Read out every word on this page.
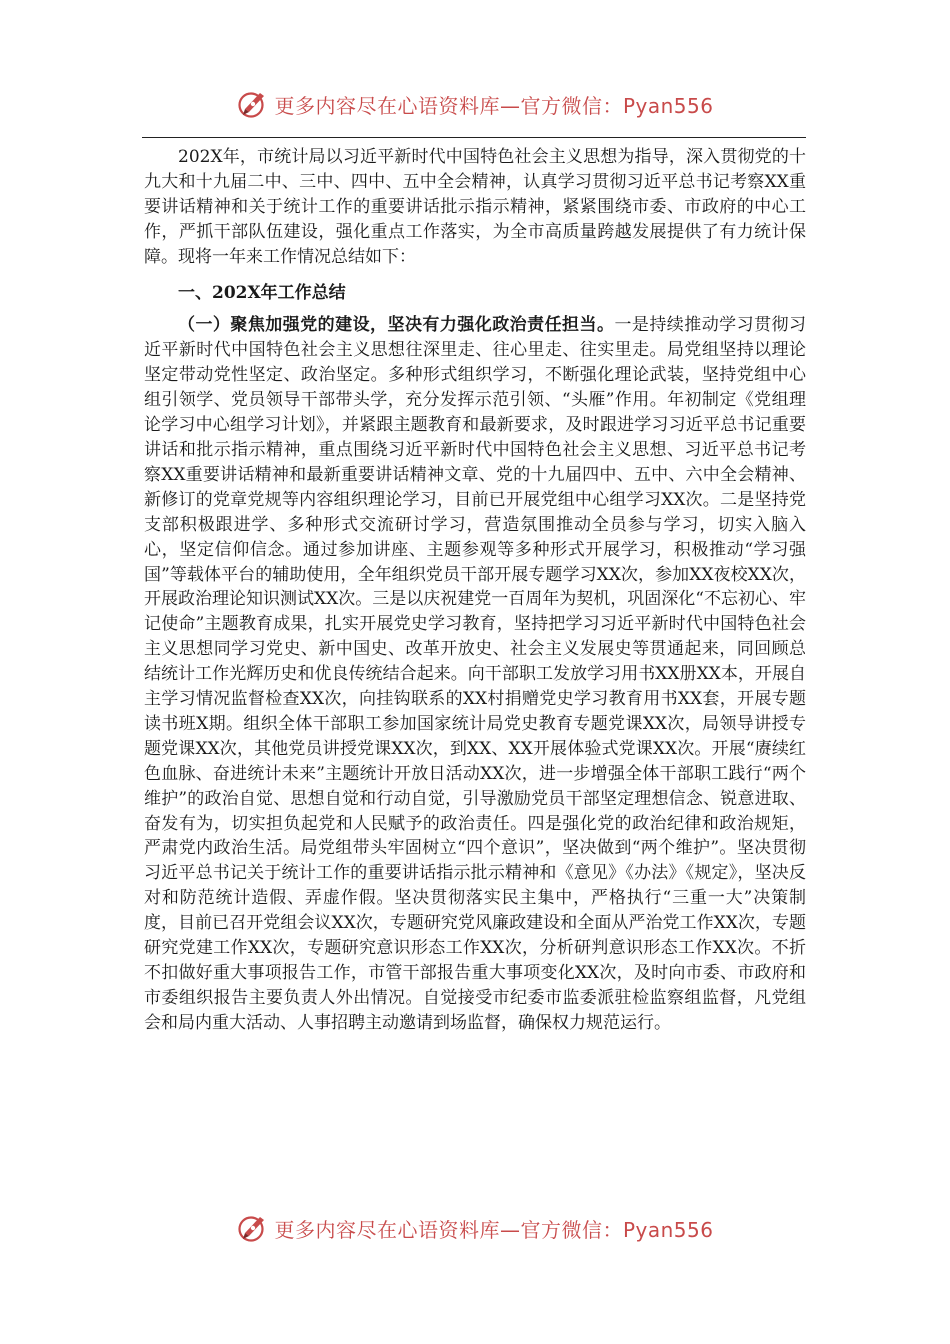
更多内容尽在心语资料库—官方微信：Pyan556

202X年，市统计局以习近平新时代中国特色社会主义思想为指导，深入贯彻党的十九大和十九届二中、三中、四中、五中全会精神，认真学习贯彻习近平总书记考察XX重要讲话精神和关于统计工作的重要讲话批示指示精神，紧紧围绕市委、市政府的中心工作，严抓干部队伍建设，强化重点工作落实，为全市高质量跨越发展提供了有力统计保障。现将一年来工作情况总结如下：

一、202X年工作总结

（一）聚焦加强党的建设，坚决有力强化政治责任担当。一是持续推动学习贯彻习近平新时代中国特色社会主义思想往深里走、往心里走、往实里走。局党组坚持以理论坚定带动党性坚定、政治坚定。多种形式组织学习，不断强化理论武装，坚持党组中心组引领学、党员领导干部带头学，充分发挥示范引领、“头雁”作用。年初制定《党组理论学习中心组学习计划》，并紧跟主题教育和最新要求，及时跟进学习习近平总书记重要讲话和批示指示精神，重点围绕习近平新时代中国特色社会主义思想、习近平总书记考察XX重要讲话精神和最新重要讲话精神文章、党的十九届四中、五中、六中全会精神、新修订的党章党规等内容组织理论学习，目前已开展党组中心组学习XX次。二是坚持党支部积极跟进学、多种形式交流研讨学习，营造氛围推动全员参与学习，切实入脑入心，坚定信仰信念。通过参加讲座、主题参观等多种形式开展学习，积极推动“学习强国”等载体平台的辅助使用，全年组织党员干部开展专题学习XX次，参加XX夜校XX次，开展政治理论知识测试XX次。三是以庆祝建党一百周年为契机，巩固深化“不忘初心、牢记使命”主题教育成果，扎实开展党史学习教育，坚持把学习习近平新时代中国特色社会主义思想同学习党史、新中国史、改革开放史、社会主义发展史等贯通起来，同回顾总结统计工作光辉历史和优良传统结合起来。向干部职工发放学习用书XX册XX本，开展自主学习情况监督检查XX次，向挂钩联系的XX村捐赠党史学习教育用书XX套，开展专题读书班X期。组织全体干部职工参加国家统计局党史教育专题党课XX次，局领导讲授专题党课XX次，其他党员讲授党课XX次，到XX、XX开展体验式党课XX次。开展“赓续红色血脉、奋进统计未来”主题统计开放日活动XX次，进一步增强全体干部职工践行“两个维护”的政治自觉、思想自觉和行动自觉，引导激励党员干部坚定理想信念、锐意进取、奋发有为，切实担负起党和人民赋予的政治责任。四是强化党的政治纪律和政治规矩，严肃党内政治生活。局党组带头牢固树立“四个意识”，坚决做到“两个维护”。坚决贯彻习近平总书记关于统计工作的重要讲话指示批示精神和《意见》《办法》《规定》，坚决反对和防范统计造假、弄虚作假。坚决贯彻落实民主集中，严格执行“三重一大”决策制度，目前已召开党组会议XX次，专题研究党风廉政建设和全面从严治党工作XX次，专题研究党建工作XX次，专题研究意识形态工作XX次，分析研判意识形态工作XX次。不折不扣做好重大事项报告工作，市管干部报告重大事项变化XX次，及时向市委、市政府和市委组织报告主要负责人外出情况。自觉接受市纪委市监委派驻检监察组监督，凡党组会和局内重大活动、人事招聘主动邀请到场监督，确保权力规范运行。

更多内容尽在心语资料库—官方微信：Pyan556
